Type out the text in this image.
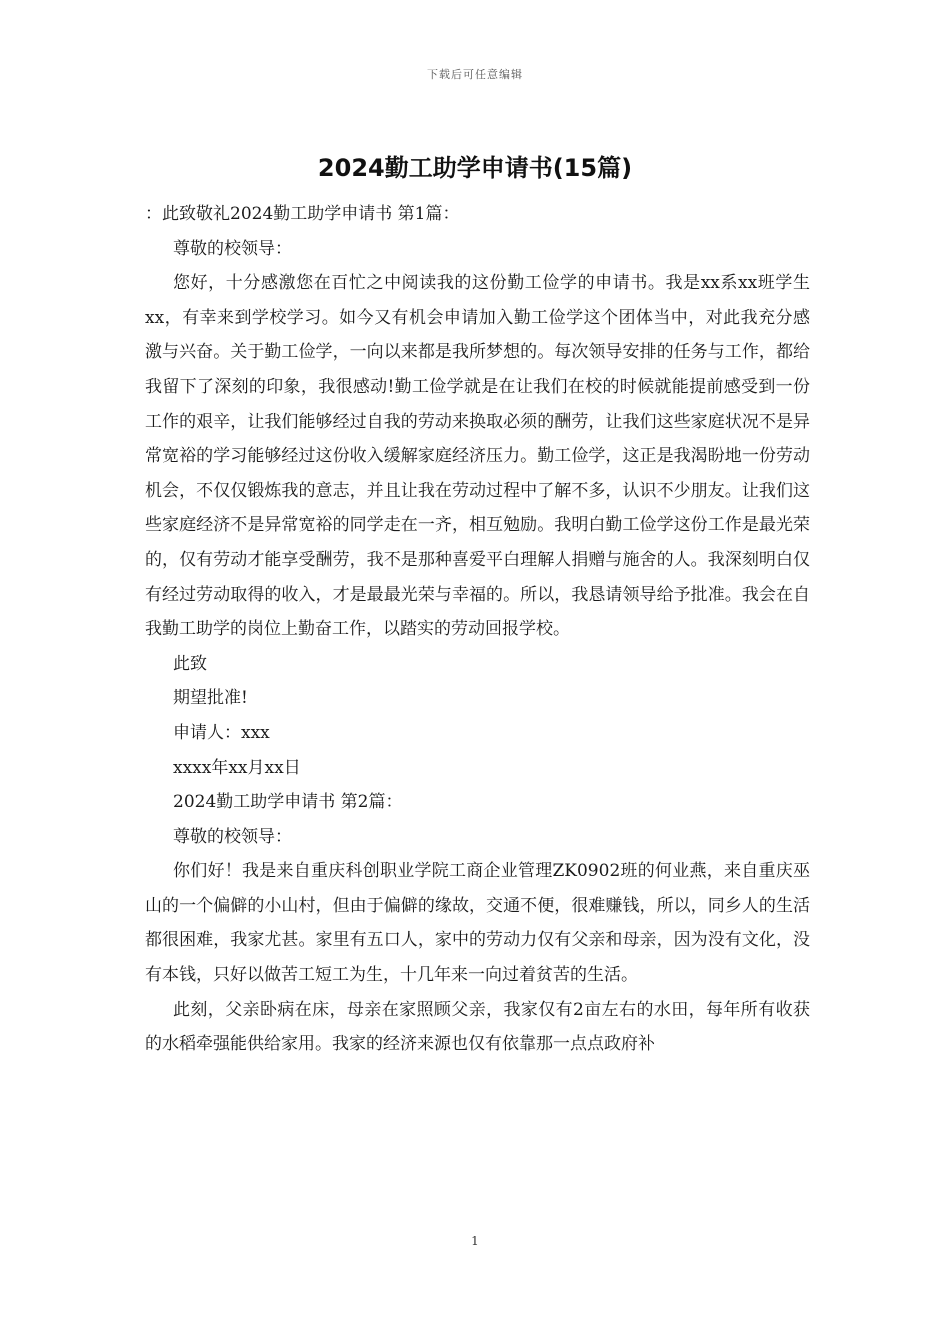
下载后可任意编辑
2024勤工助学申请书(15篇)

：此致敬礼2024勤工助学申请书 第1篇：

尊敬的校领导：

您好，十分感激您在百忙之中阅读我的这份勤工俭学的申请书。我是xx系xx班学生xx，有幸来到学校学习。如今又有机会申请加入勤工俭学这个团体当中，对此我充分感激与兴奋。关于勤工俭学，一向以来都是我所梦想的。每次领导安排的任务与工作，都给我留下了深刻的印象，我很感动!勤工俭学就是在让我们在校的时候就能提前感受到一份工作的艰辛，让我们能够经过自我的劳动来换取必须的酬劳，让我们这些家庭状况不是异常宽裕的学习能够经过这份收入缓解家庭经济压力。勤工俭学，这正是我渴盼地一份劳动机会，不仅仅锻炼我的意志，并且让我在劳动过程中了解不多，认识不少朋友。让我们这些家庭经济不是异常宽裕的同学走在一齐，相互勉励。我明白勤工俭学这份工作是最光荣的，仅有劳动才能享受酬劳，我不是那种喜爱平白理解人捐赠与施舍的人。我深刻明白仅有经过劳动取得的收入，才是最最光荣与幸福的。所以，我恳请领导给予批准。我会在自我勤工助学的岗位上勤奋工作，以踏实的劳动回报学校。

此致

期望批准!

申请人：xxx

xxxx年xx月xx日

2024勤工助学申请书 第2篇：

尊敬的校领导：

你们好！我是来自重庆科创职业学院工商企业管理ZK0902班的何业燕，来自重庆巫山的一个偏僻的小山村，但由于偏僻的缘故，交通不便，很难赚钱，所以，同乡人的生活都很困难，我家尤甚。家里有五口人，家中的劳动力仅有父亲和母亲，因为没有文化，没有本钱，只好以做苦工短工为生，十几年来一向过着贫苦的生活。

此刻，父亲卧病在床，母亲在家照顾父亲，我家仅有2亩左右的水田，每年所有收获的水稻牵强能供给家用。我家的经济来源也仅有依靠那一点点政府补

1
